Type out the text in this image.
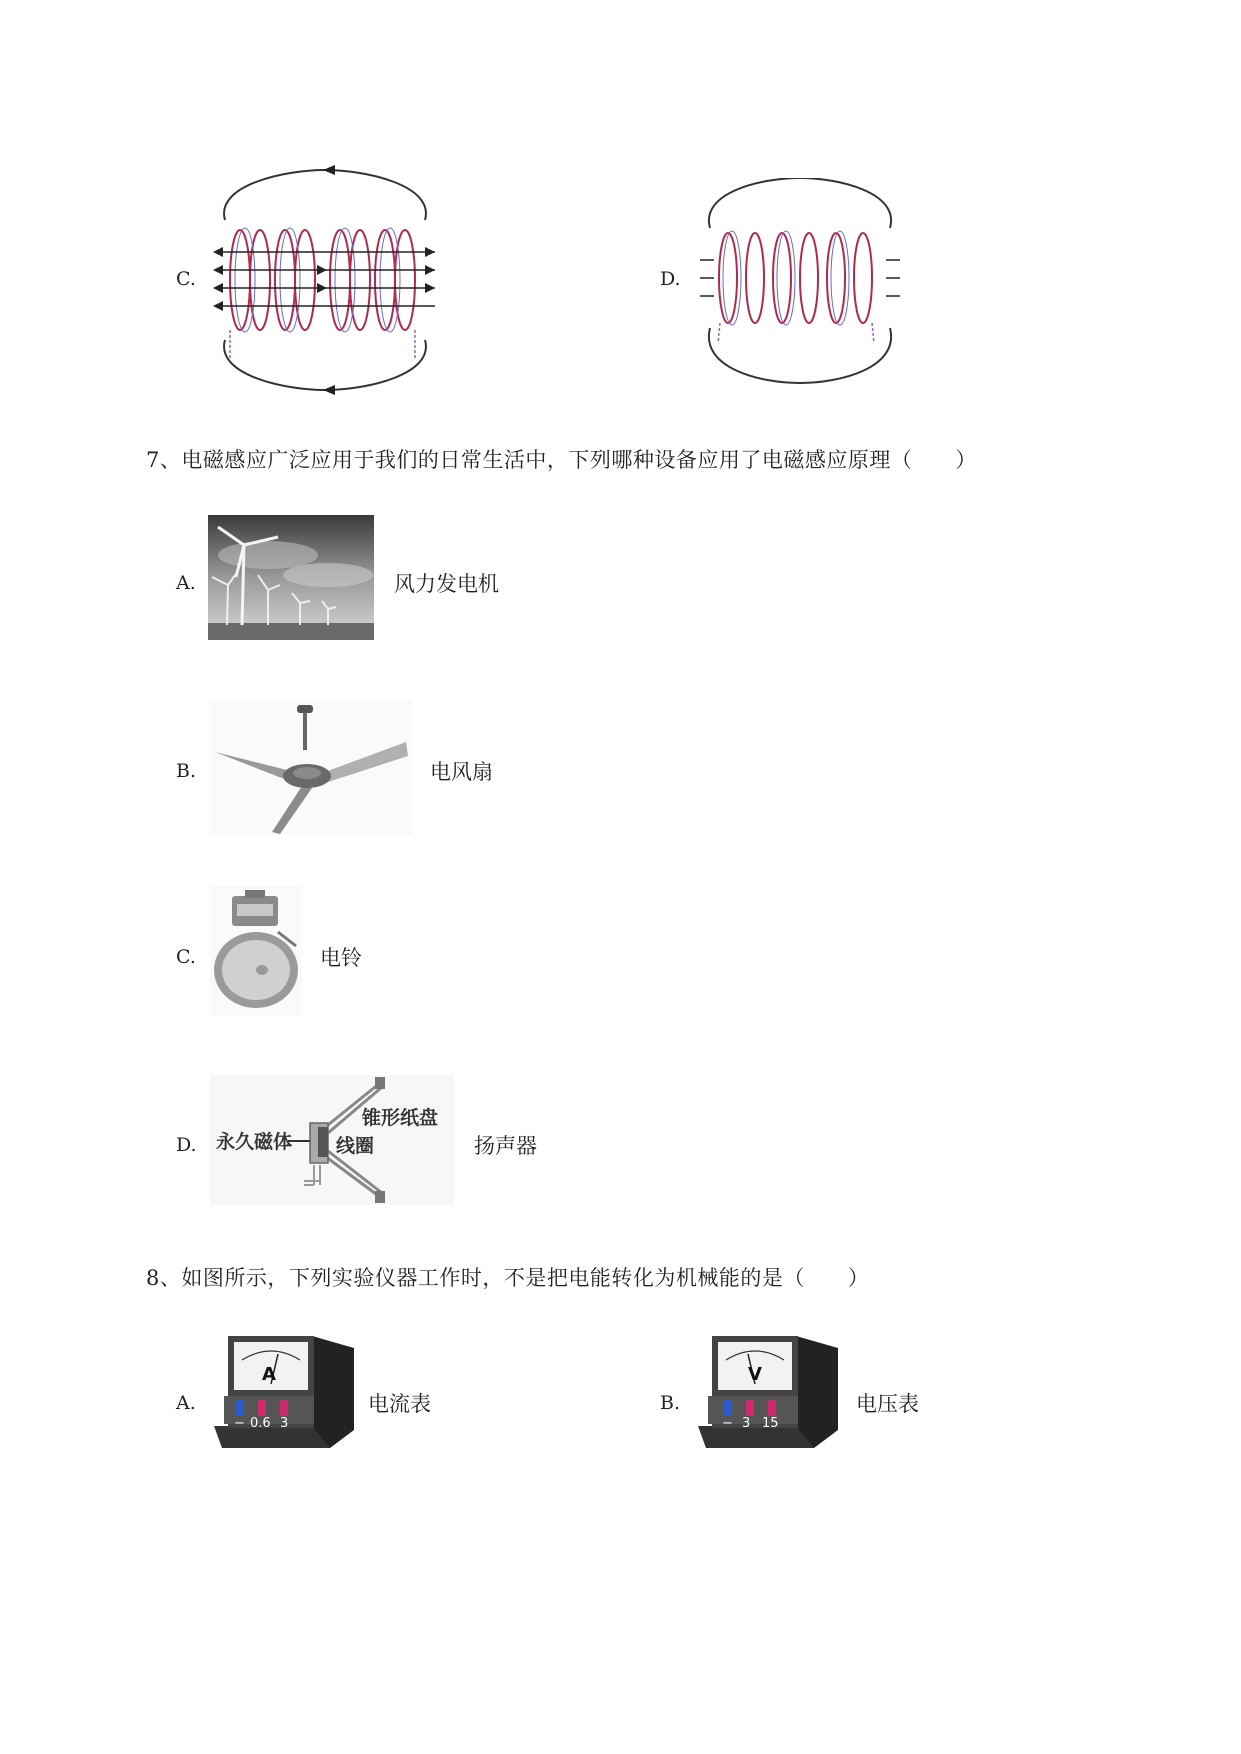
C.	D.
7、电磁感应广泛应用于我们的日常生活中，下列哪种设备应用了电磁感应原理（　　）
A.	风力发电机
B.	电风扇
C.	电铃
D. 永久磁体
锥形纸盘
线圈	扬声器
8、如图所示，下列实验仪器工作时，不是把电能转化为机械能的是（　　）
A.
A
− 0.6 3
电流表	B.
V
− 3 15
电压表
